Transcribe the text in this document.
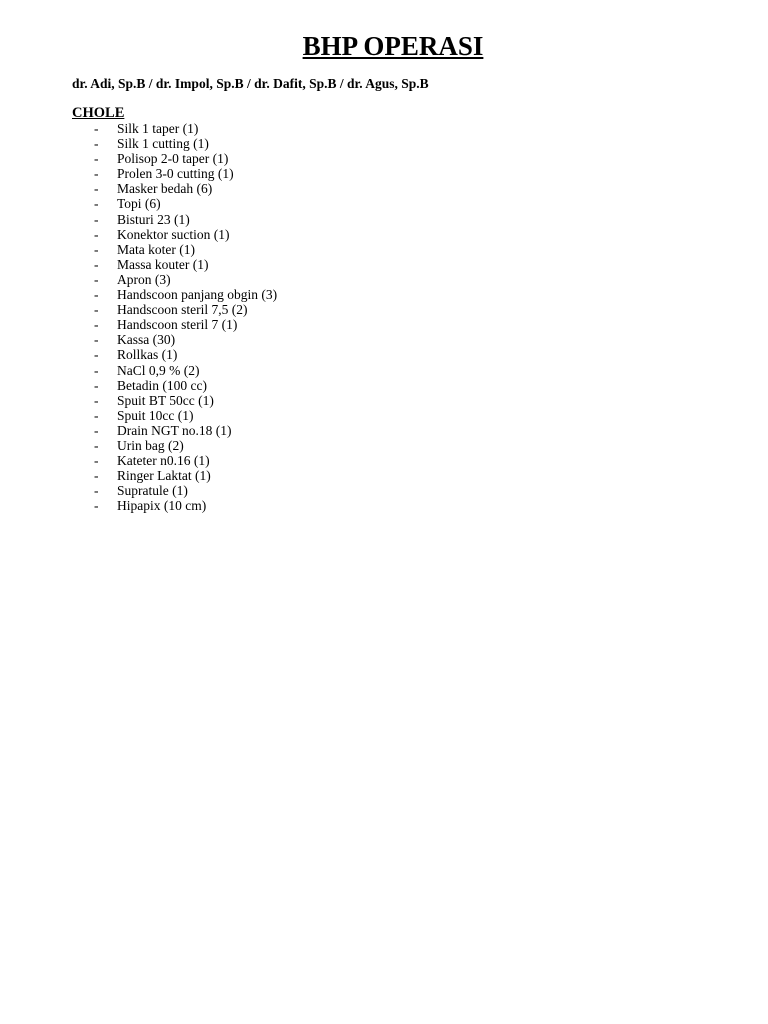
BHP OPERASI

dr. Adi, Sp.B / dr. Impol, Sp.B / dr. Dafit, Sp.B / dr. Agus, Sp.B

CHOLE
- Silk 1 taper (1)
- Silk 1 cutting (1)
- Polisop 2-0 taper (1)
- Prolen 3-0 cutting (1)
- Masker bedah (6)
- Topi (6)
- Bisturi 23 (1)
- Konektor suction (1)
- Mata koter (1)
- Massa kouter (1)
- Apron (3)
- Handscoon panjang obgin (3)
- Handscoon steril 7,5 (2)
- Handscoon steril 7 (1)
- Kassa (30)
- Rollkas (1)
- NaCl 0,9 % (2)
- Betadin (100 cc)
- Spuit BT 50cc (1)
- Spuit 10cc (1)
- Drain NGT no.18 (1)
- Urin bag (2)
- Kateter n0.16 (1)
- Ringer Laktat (1)
- Supratule (1)
- Hipapix (10 cm)
